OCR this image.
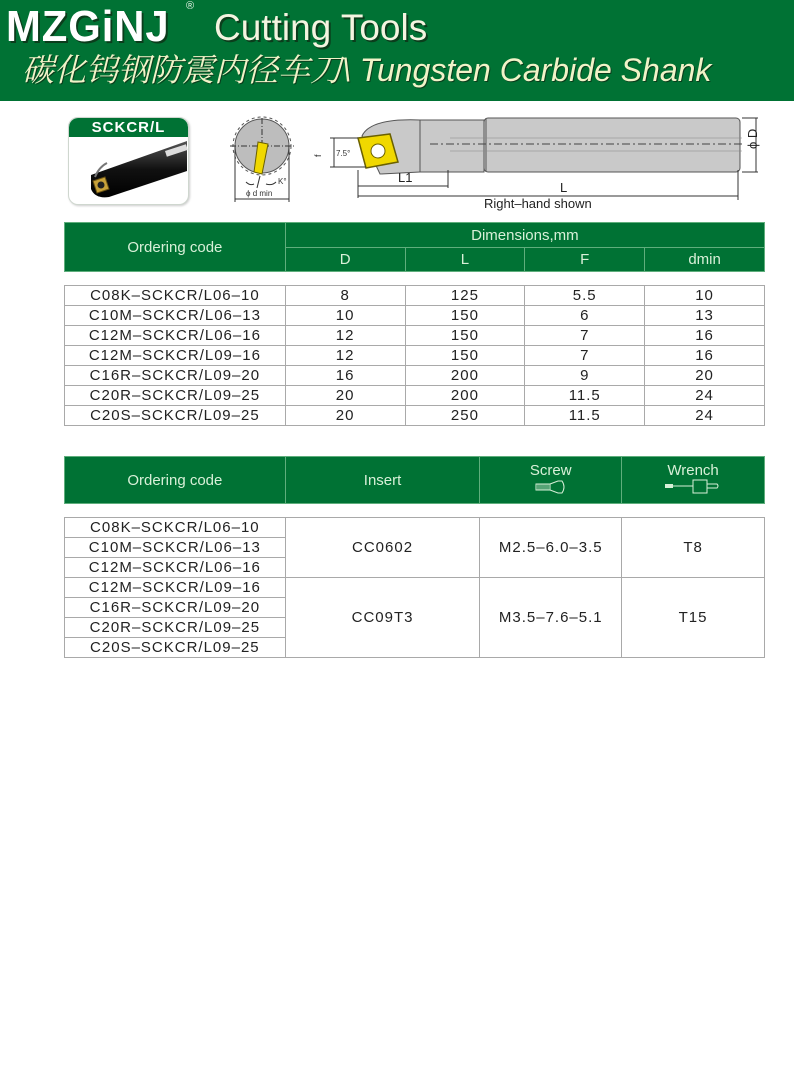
MZGiNJ ®
Cutting Tools
碳化钨钢防震内径车刀\ Tungsten Carbide Shank
SCKCR/L
K°
ϕ d min
f 7.5°
L1
L
ϕ D
Right–hand shown
Ordering code	Dimensions,mm			
	D	L	F	dmin

C08K–SCKCR/L06–10	8	125	5.5	10
C10M–SCKCR/L06–13	10	150	6	13
C12M–SCKCR/L06–16	12	150	7	16
C12M–SCKCR/L09–16	12	150	7	16
C16R–SCKCR/L09–20	16	200	9	20
C20R–SCKCR/L09–25	20	200	11.5	24
C20S–SCKCR/L09–25	20	250	11.5	24
Ordering code	Insert	Screw	Wrench

C08K–SCKCR/L06–10	CC0602	M2.5–6.0–3.5	T8
C10M–SCKCR/L06–13			
C12M–SCKCR/L06–16			
C12M–SCKCR/L09–16	CC09T3	M3.5–7.6–5.1	T15
C16R–SCKCR/L09–20			
C20R–SCKCR/L09–25			
C20S–SCKCR/L09–25			
